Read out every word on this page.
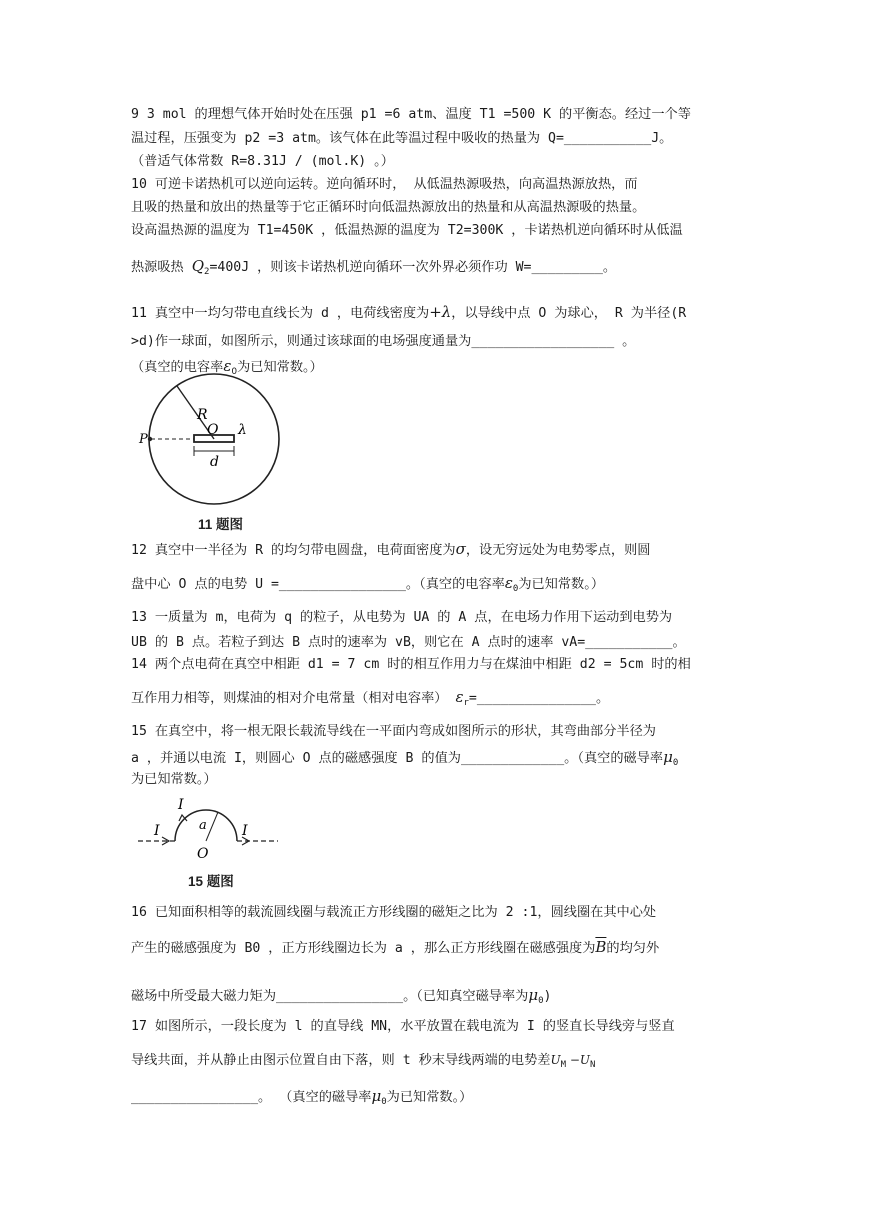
9 3 mol 的理想气体开始时处在压强 p1 =6 atm、温度 T1 =500 K 的平衡态。经过一个等
温过程，压强变为 p2 =3 atm。该气体在此等温过程中吸收的热量为 Q=___________J。
（普适气体常数 R=8.31J / (mol.K) 。）
10 可逆卡诺热机可以逆向运转。逆向循环时， 从低温热源吸热，向高温热源放热，而
且吸的热量和放出的热量等于它正循环时向低温热源放出的热量和从高温热源吸的热量。
设高温热源的温度为 T1=450K ，低温热源的温度为 T2=300K ，卡诺热机逆向循环时从低温
热源吸热 $Q_2=400J$ ，则该卡诺热机逆向循环一次外界必须作功 W=_________。
11 真空中一均匀带电直线长为 d ，电荷线密度为+λ，以导线中点 O 为球心， R 为半径(R
>d)作一球面，如图所示，则通过该球面的电场强度通量为__________________ 。
（真空的电容率$\varepsilon_0$为已知常数。）
R
P
O λ
d
11 题图
12 真空中一半径为 R 的均匀带电圆盘，电荷面密度为σ，设无穷远处为电势零点，则圆
盘中心 O 点的电势 U =________________。（真空的电容率$\varepsilon_0$为已知常数。）
13 一质量为 m，电荷为 q 的粒子，从电势为 UA 的 A 点，在电场力作用下运动到电势为
UB 的 B 点。若粒子到达 B 点时的速率为 vB，则它在 A 点时的速率 vA=___________。
14 两个点电荷在真空中相距 d1 = 7 cm 时的相互作用力与在煤油中相距 d2 = 5cm 时的相
互作用力相等，则煤油的相对介电常量（相对电容率） $\varepsilon_r=\_\_\_\_\_\_\_\_\_\_\_\_\_\_\_$。
15 在真空中，将一根无限长载流导线在一平面内弯成如图所示的形状，其弯曲部分半径为
a ，并通以电流 I，则圆心 O 点的磁感强度 B 的值为_____________。（真空的磁导率$\mu_0$
为已知常数。）
I
I
I
a
O
15 题图
16 已知面积相等的载流圆线圈与载流正方形线圈的磁矩之比为 2 :1，圆线圈在其中心处
产生的磁感强度为 B0 ，正方形线圈边长为 a ，那么正方形线圈在磁感强度为$\overline{B}$的均匀外
磁场中所受最大磁力矩为________________。（已知真空磁导率为$\mu_0$)
17 如图所示，一段长度为 l 的直导线 MN，水平放置在载电流为 I 的竖直长导线旁与竖直
导线共面，并从静止由图示位置自由下落，则 t 秒末导线两端的电势差$U_M -U_N$
________________。 （真空的磁导率$\mu_0$为已知常数。）
